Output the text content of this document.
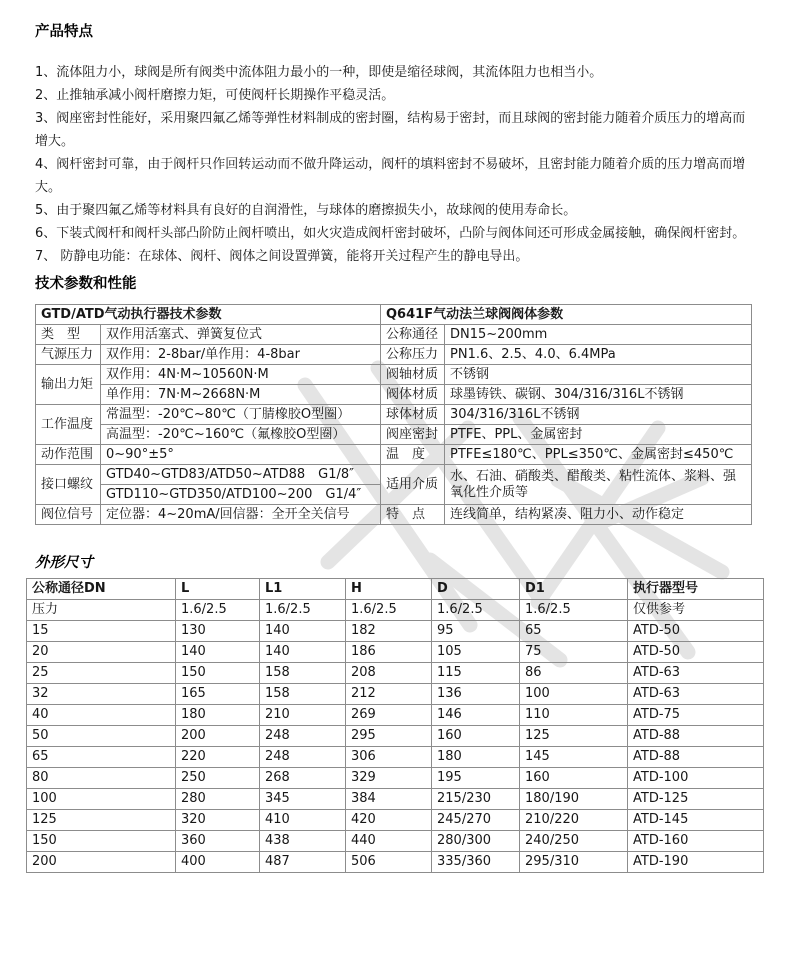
产品特点
1、流体阻力小，球阀是所有阀类中流体阻力最小的一种，即使是缩径球阀，其流体阻力也相当小。
2、止推轴承减小阀杆磨擦力矩，可使阀杆长期操作平稳灵活。
3、阀座密封性能好，采用聚四氟乙烯等弹性材料制成的密封圈，结构易于密封，而且球阀的密封能力随着介质压力的增高而增大。
4、阀杆密封可靠，由于阀杆只作回转运动而不做升降运动，阀杆的填料密封不易破坏，且密封能力随着介质的压力增高而增大。
5、由于聚四氟乙烯等材料具有良好的自润滑性，与球体的磨擦损失小，故球阀的使用寿命长。
6、下装式阀杆和阀杆头部凸阶防止阀杆喷出，如火灾造成阀杆密封破坏，凸阶与阀体间还可形成金属接触，确保阀杆密封。
7、 防静电功能：在球体、阀杆、阀体之间设置弹簧，能将开关过程产生的静电导出。
技术参数和性能
GTD/ATD气动执行器技术参数		Q641F气动法兰球阀阀体参数	
类　型	双作用活塞式、弹簧复位式	公称通径	DN15~200mm
气源压力	双作用：2-8bar/单作用：4-8bar	公称压力	PN1.6、2.5、4.0、6.4MPa
输出力矩	双作用：4N·M~10560N·M	阀轴材质	不锈钢
	单作用：7N·M~2668N·M	阀体材质	球墨铸铁、碳钢、304/316/316L不锈钢
工作温度	常温型：-20℃~80℃（丁腈橡胶O型圈）	球体材质	304/316/316L不锈钢
	高温型：-20℃~160℃（氟橡胶O型圈）	阀座密封	PTFE、PPL、金属密封
动作范围	0~90°±5°	温　度	PTFE≤180℃、PPL≤350℃、金属密封≤450℃
接口螺纹	GTD40~GTD83/ATD50~ATD88　G1/8″	适用介质	水、石油、硝酸类、醋酸类、粘性流体、浆料、强氧化性介质等
	GTD110~GTD350/ATD100~200　G1/4″		
阀位信号	定位器：4~20mA/回信器：全开全关信号	特　点	连线简单，结构紧凑、阻力小、动作稳定
外形尺寸
公称通径DN	L	L1	H	D	D1	执行器型号
压力	1.6/2.5	1.6/2.5	1.6/2.5	1.6/2.5	1.6/2.5	仅供参考
15	130	140	182	95	65	ATD-50
20	140	140	186	105	75	ATD-50
25	150	158	208	115	86	ATD-63
32	165	158	212	136	100	ATD-63
40	180	210	269	146	110	ATD-75
50	200	248	295	160	125	ATD-88
65	220	248	306	180	145	ATD-88
80	250	268	329	195	160	ATD-100
100	280	345	384	215/230	180/190	ATD-125
125	320	410	420	245/270	210/220	ATD-145
150	360	438	440	280/300	240/250	ATD-160
200	400	487	506	335/360	295/310	ATD-190
